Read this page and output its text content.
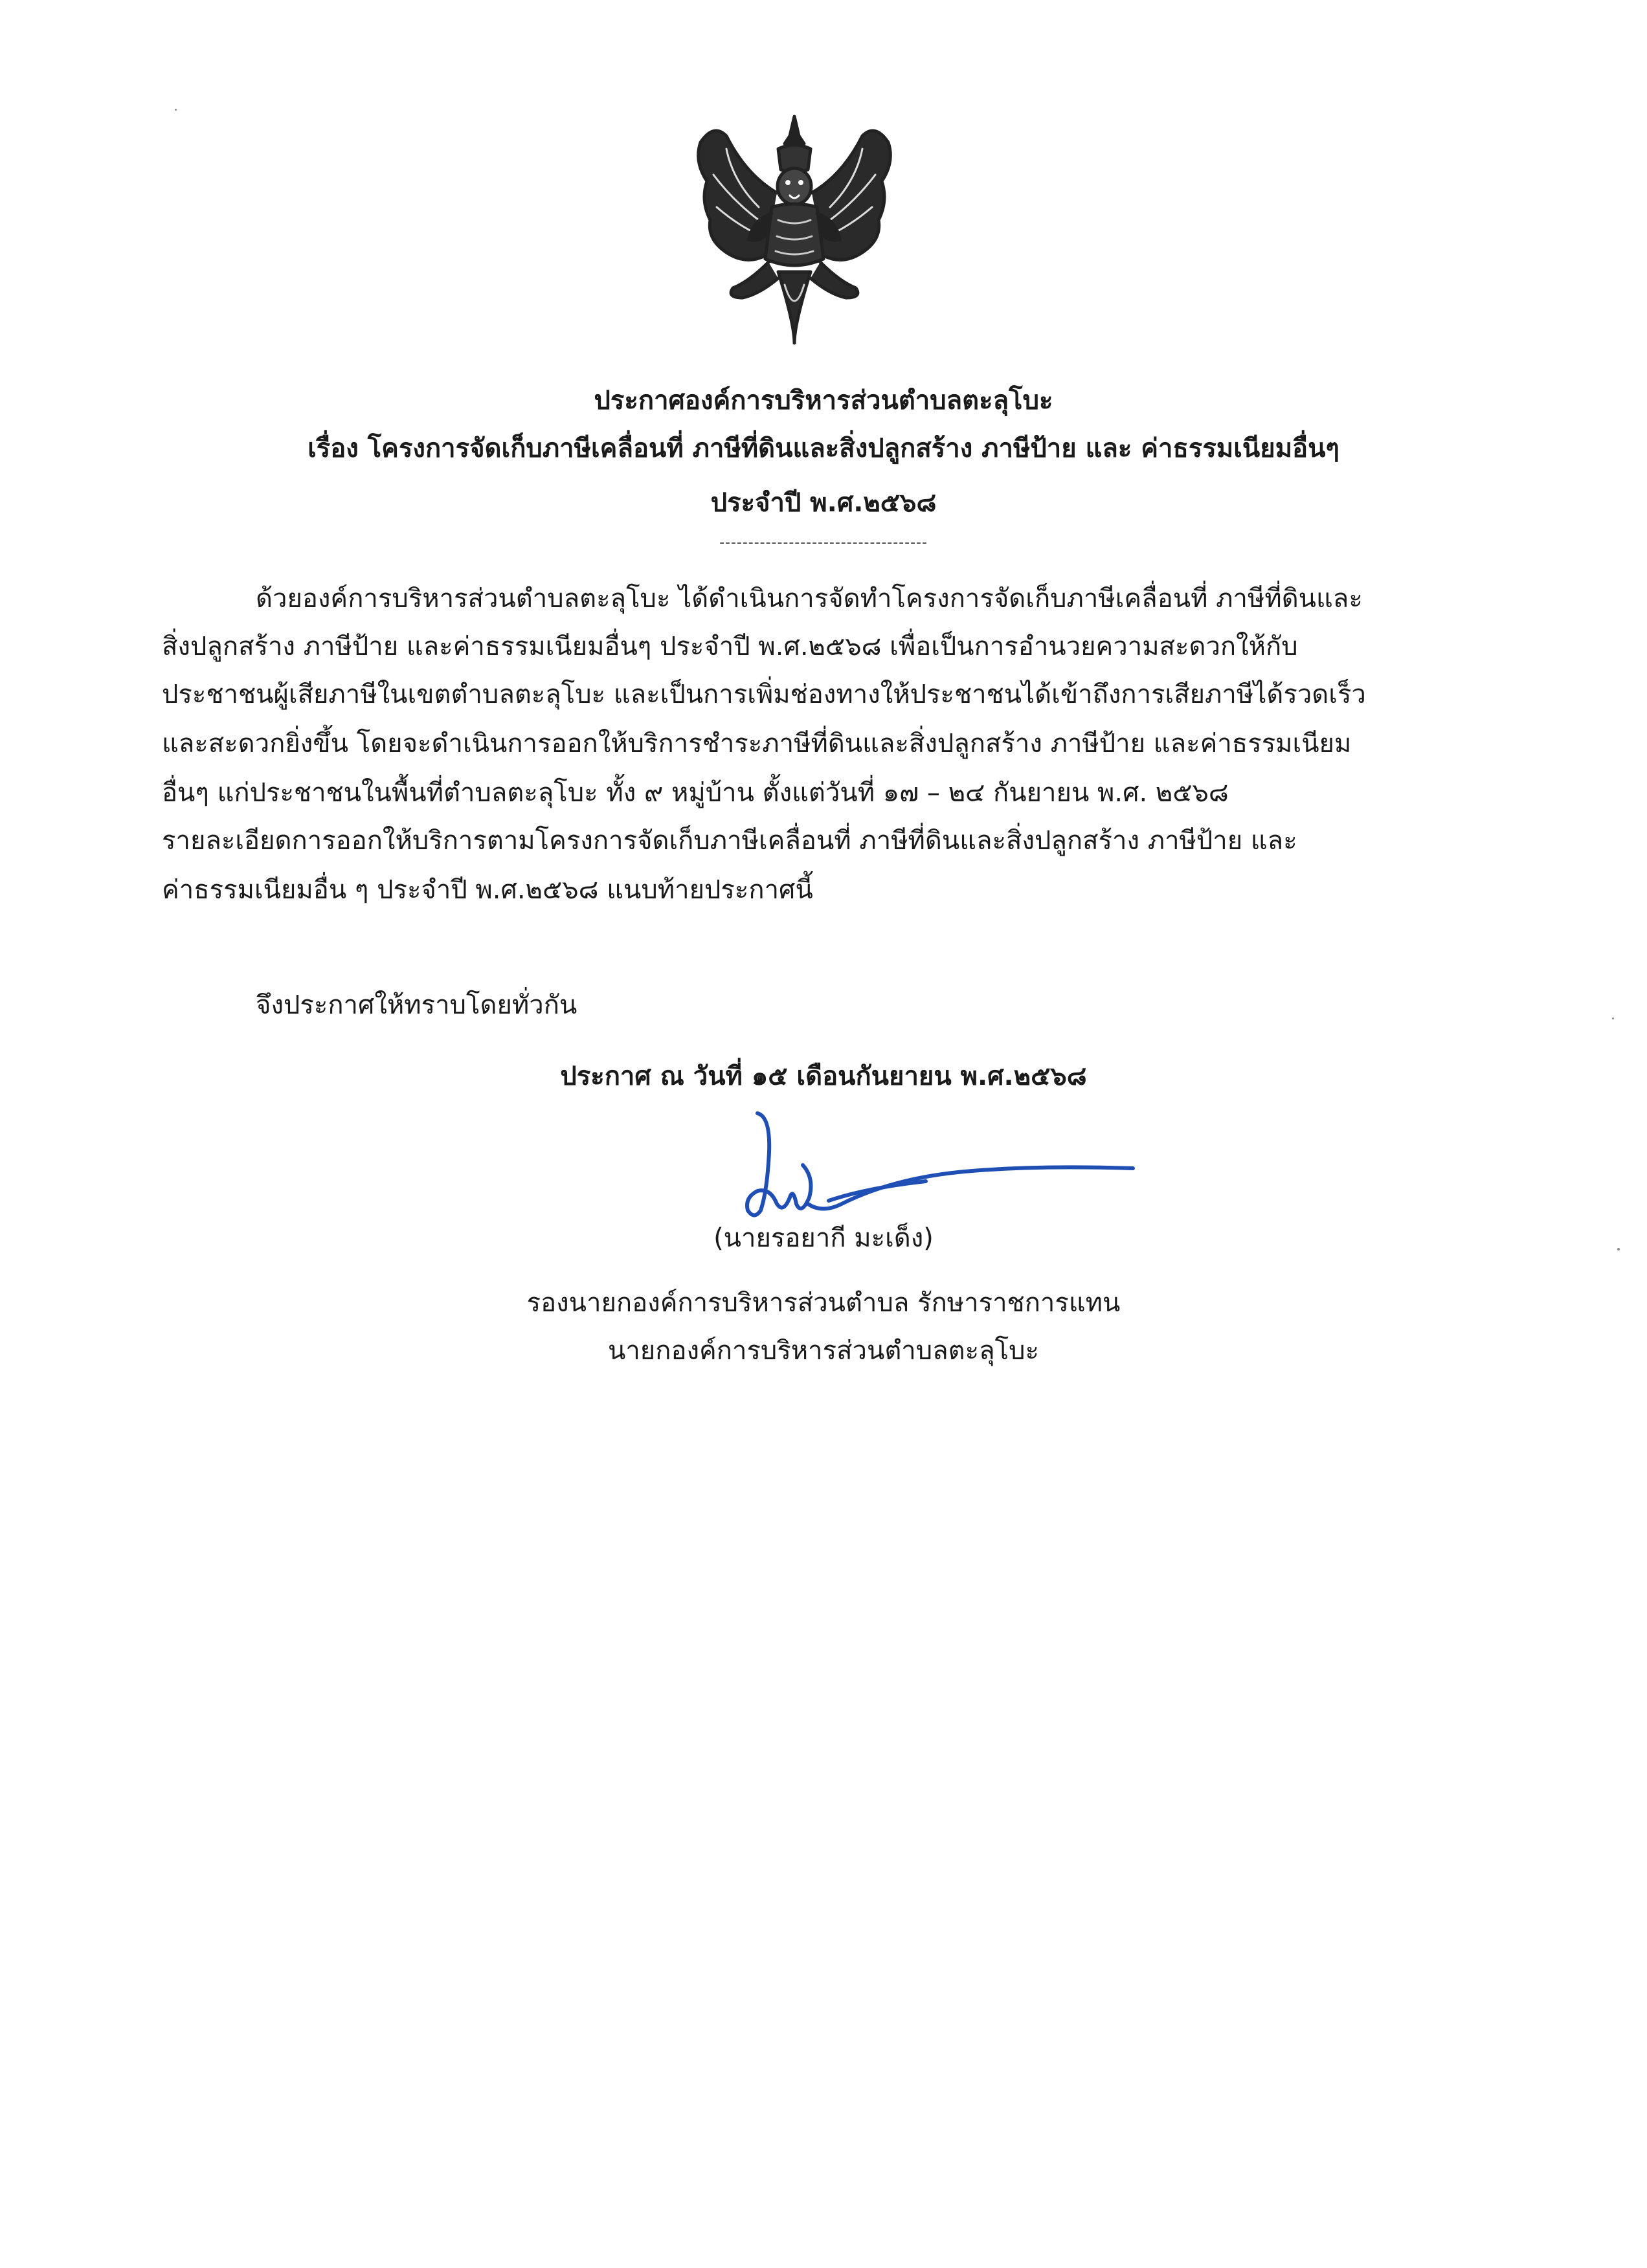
ประกาศองค์การบริหารส่วนตำบลตะลุโบะ
เรื่อง โครงการจัดเก็บภาษีเคลื่อนที่ ภาษีที่ดินและสิ่งปลูกสร้าง ภาษีป้าย และ ค่าธรรมเนียมอื่นๆ
ประจำปี พ.ศ.๒๕๖๘
------------------------------------
ด้วยองค์การบริหารส่วนตำบลตะลุโบะ ได้ดำเนินการจัดทำโครงการจัดเก็บภาษีเคลื่อนที่ ภาษีที่ดินและ
สิ่งปลูกสร้าง ภาษีป้าย และค่าธรรมเนียมอื่นๆ ประจำปี พ.ศ.๒๕๖๘ เพื่อเป็นการอำนวยความสะดวกให้กับ
ประชาชนผู้เสียภาษีในเขตตำบลตะลุโบะ และเป็นการเพิ่มช่องทางให้ประชาชนได้เข้าถึงการเสียภาษีได้รวดเร็ว
และสะดวกยิ่งขึ้น โดยจะดำเนินการออกให้บริการชำระภาษีที่ดินและสิ่งปลูกสร้าง ภาษีป้าย และค่าธรรมเนียม
อื่นๆ แก่ประชาชนในพื้นที่ตำบลตะลุโบะ ทั้ง ๙ หมู่บ้าน ตั้งแต่วันที่ ๑๗ – ๒๔ กันยายน พ.ศ. ๒๕๖๘
รายละเอียดการออกให้บริการตามโครงการจัดเก็บภาษีเคลื่อนที่ ภาษีที่ดินและสิ่งปลูกสร้าง ภาษีป้าย และ
ค่าธรรมเนียมอื่น ๆ ประจำปี พ.ศ.๒๕๖๘ แนบท้ายประกาศนี้
จึงประกาศให้ทราบโดยทั่วกัน
ประกาศ ณ วันที่ ๑๕ เดือนกันยายน พ.ศ.๒๕๖๘
(นายรอยากี มะเด็ง)
รองนายกองค์การบริหารส่วนตำบล รักษาราชการแทน
นายกองค์การบริหารส่วนตำบลตะลุโบะ
